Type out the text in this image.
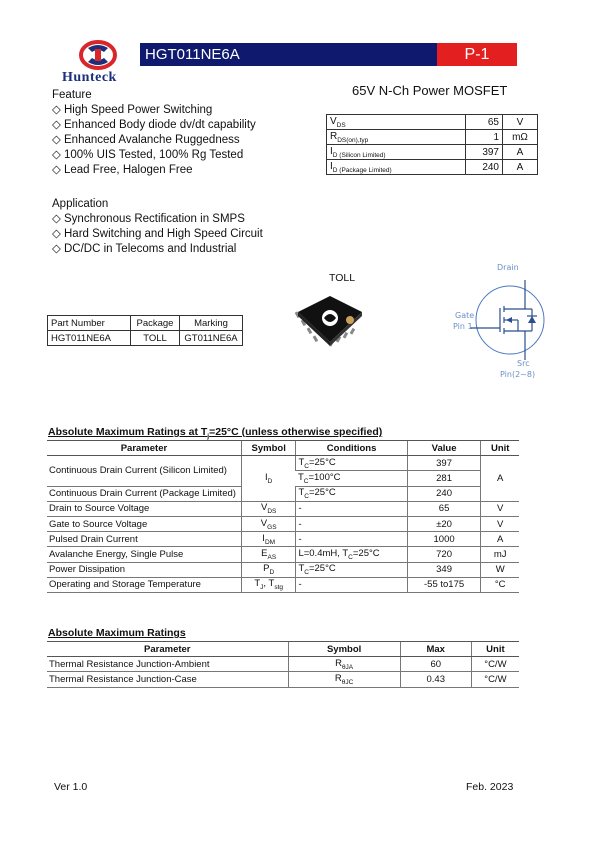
Hunteck
HGT011NE6A	P-1
65V N-Ch Power MOSFET
Feature
◇ High Speed Power Switching
◇ Enhanced Body diode dv/dt capability
◇ Enhanced Avalanche Ruggedness
◇ 100% UIS Tested, 100% Rg Tested
◇ Lead Free, Halogen Free
Application
◇ Synchronous Rectification in SMPS
◇ Hard Switching and High Speed Circuit
◇ DC/DC in Telecoms and Industrial
$V_{DS}$	65	V
$R_{DS(on),typ}$	1	mΩ
$I_{D (Silicon Limited)}$	397	A
$I_{D (Package Limited)}$	240	A
TOLL
Part Number	Package	Marking
HGT011NE6A	TOLL	GT011NE6A
Drain
Gate
Pin 1
Src
Pin(2~8)
Absolute Maximum Ratings at $T_j=25^\circ C$ (unless otherwise specified)
Parameter	Symbol	Conditions	Value	Unit
Continuous Drain Current (Silicon Limited)	$I_D$	$T_C=25^\circ C$	397	A
		$T_C=100^\circ C$	281	
Continuous Drain Current (Package Limited)		$T_C=25^\circ C$	240	
Drain to Source Voltage	$V_{DS}$	-	65	V
Gate to Source Voltage	$V_{GS}$	-	±20	V
Pulsed Drain Current	$I_{DM}$	-	1000	A
Avalanche Energy, Single Pulse	$E_{AS}$	L=0.4mH, $T_C=25^\circ C$	720	mJ
Power Dissipation	$P_D$	$T_C=25^\circ C$	349	W
Operating and Storage Temperature	$T_J$, $T_{stg}$	-	-55 to175	°C
Absolute Maximum Ratings
Parameter	Symbol	Max	Unit
Thermal Resistance Junction-Ambient	$R_{\theta JA}$	60	°C/W
Thermal Resistance Junction-Case	$R_{\theta JC}$	0.43	°C/W
Ver 1.0	Feb. 2023
